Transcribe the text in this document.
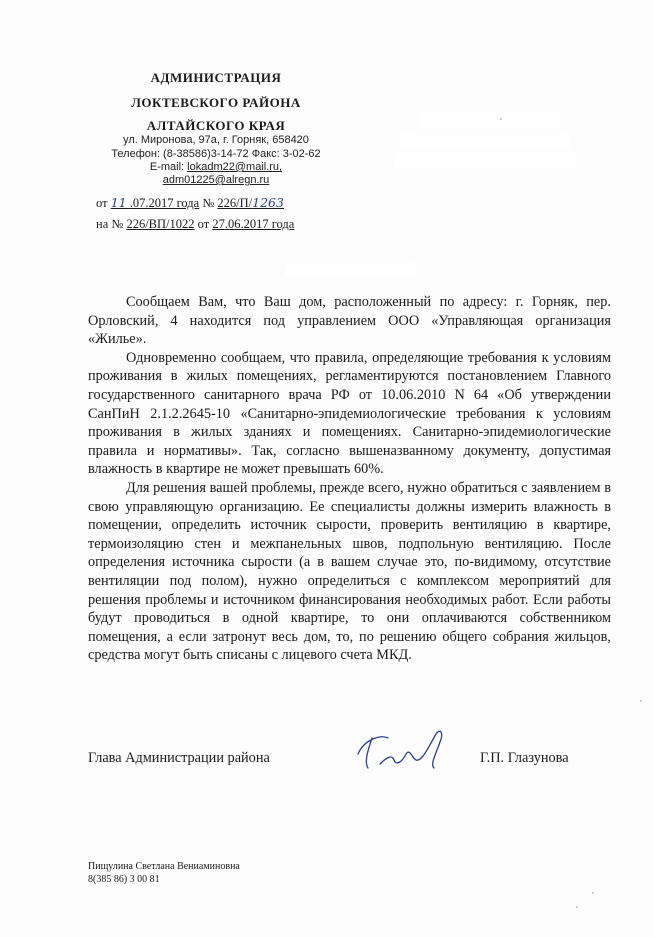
АДМИНИСТРАЦИЯ
ЛОКТЕВСКОГО РАЙОНА
АЛТАЙСКОГО КРАЯ
ул. Миронова, 97а, г. Горняк, 658420
Телефон: (8-38586)3-14-72 Факс: 3-02-62
E-mail: lokadm22@mail.ru,
adm01225@alregn.ru
от 11 .07.2017 года № 226/П/1263
на № 226/ВП/1022 от 27.06.2017 года

Сообщаем Вам, что Ваш дом, расположенный по адресу: г. Горняк, пер. Орловский, 4 находится под управлением ООО «Управляющая организация «Жилье».

Одновременно сообщаем, что правила, определяющие требования к условиям проживания в жилых помещениях, регламентируются постановлением Главного государственного санитарного врача РФ от 10.06.2010 N 64 «Об утверждении СанПиН 2.1.2.2645-10 «Санитарно-эпидемиологические требования к условиям проживания в жилых зданиях и помещениях. Санитарно-эпидемиологические правила и нормативы». Так, согласно вышеназванному документу, допустимая влажность в квартире не может превышать 60%.

Для решения вашей проблемы, прежде всего, нужно обратиться с заявлением в свою управляющую организацию. Ее специалисты должны измерить влажность в помещении, определить источник сырости, проверить вентиляцию в квартире, термоизоляцию стен и межпанельных швов, подпольную вентиляцию. После определения источника сырости (а в вашем случае это, по-видимому, отсутствие вентиляции под полом), нужно определиться с комплексом мероприятий для решения проблемы и источником финансирования необходимых работ. Если работы будут проводиться в одной квартире, то они оплачиваются собственником помещения, а если затронут весь дом, то, по решению общего собрания жильцов, средства могут быть списаны с лицевого счета МКД.

Глава Администрации района	Г.П. Глазунова
Пищулина Светлана Вениаминовна
8(385 86) 3 00 81
